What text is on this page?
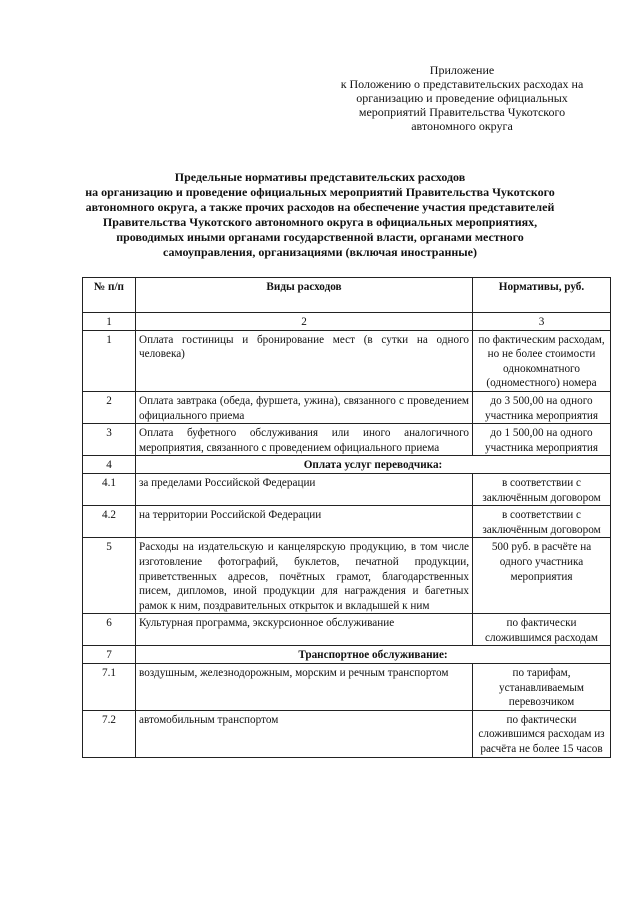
Приложение
к Положению о представительских расходах на
организацию и проведение официальных
мероприятий Правительства Чукотского
автономного округа
Предельные нормативы представительских расходов
на организацию и проведение официальных мероприятий Правительства Чукотского
автономного округа, а также прочих расходов на обеспечение участия представителей
Правительства Чукотского автономного округа в официальных мероприятиях,
проводимых иными органами государственной власти, органами местного
самоуправления, организациями (включая иностранные)
№ п/п	Виды расходов	Нормативы, руб.
1	2	3
1	Оплата гостиницы и бронирование мест (в сутки на одного человека)	по фактическим расходам, но не более стоимости однокомнатного (одноместного) номера
2	Оплата завтрака (обеда, фуршета, ужина), связанного с проведением официального приема	до 3 500,00 на одного участника мероприятия
3	Оплата буфетного обслуживания или иного аналогичного мероприятия, связанного с проведением официального приема	до 1 500,00 на одного участника мероприятия
4	Оплата услуг переводчика:	
4.1	за пределами Российской Федерации	в соответствии с заключённым договором
4.2	на территории Российской Федерации	в соответствии с заключённым договором
5	Расходы на издательскую и канцелярскую продукцию, в том числе изготовление фотографий, буклетов, печатной продукции, приветственных адресов, почётных грамот, благодарственных писем, дипломов, иной продукции для награждения и багетных рамок к ним, поздравительных открыток и вкладышей к ним	500 руб. в расчёте на одного участника мероприятия
6	Культурная программа, экскурсионное обслуживание	по фактически сложившимся расходам
7	Транспортное обслуживание:	
7.1	воздушным, железнодорожным, морским и речным транспортом	по тарифам, устанавливаемым перевозчиком
7.2	автомобильным транспортом	по фактически сложившимся расходам из расчёта не более 15 часов
